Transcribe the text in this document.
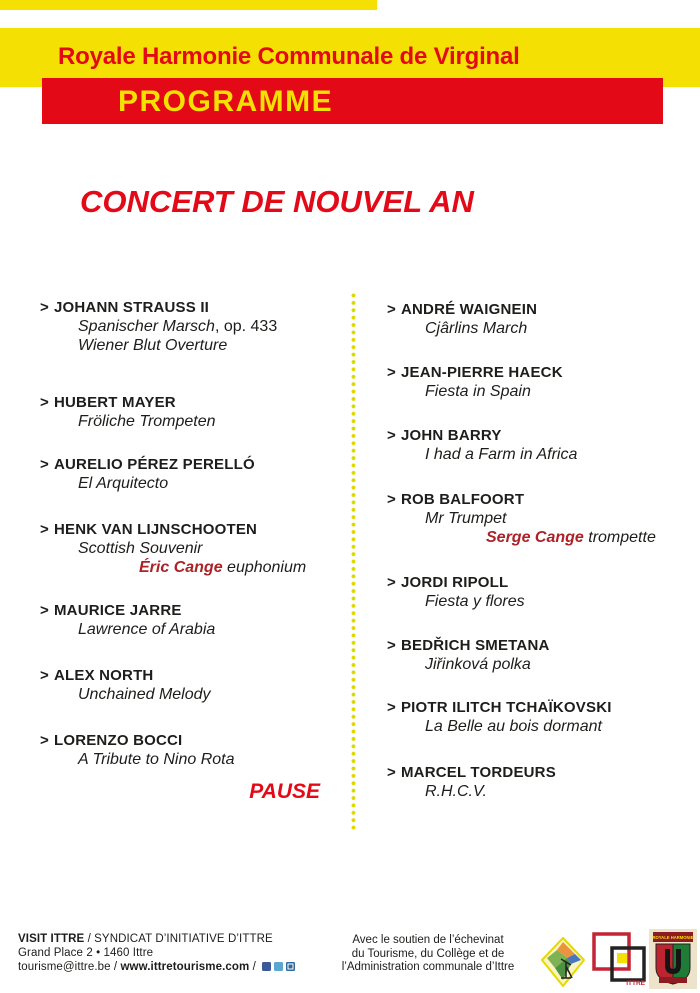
Royale Harmonie Communale de Virginal
PROGRAMME
CONCERT DE NOUVEL AN
> JOHANN STRAUSS II
Spanischer Marsch, op. 433
Wiener Blut Overture
> HUBERT MAYER
Fröliche Trompeten
> AURELIO PÉREZ PERELLÓ
El Arquitecto
> HENK VAN LIJNSCHOOTEN
Scottish Souvenir
Éric Cange euphonium
> MAURICE JARRE
Lawrence of Arabia
> ALEX NORTH
Unchained Melody
> LORENZO BOCCI
A Tribute to Nino Rota
> ANDRÉ WAIGNEIN
Cjârlins March
> JEAN-PIERRE HAECK
Fiesta in Spain
> JOHN BARRY
I had a Farm in Africa
> ROB BALFOORT
Mr Trumpet
Serge Cange trompette
> JORDI RIPOLL
Fiesta y flores
> BEDŘICH SMETANA
Jiřinková polka
> PIOTR ILITCH TCHAÏKOVSKI
La Belle au bois dormant
> MARCEL TORDEURS
R.H.C.V.
PAUSE
VISIT ITTRE / SYNDICAT D’INITIATIVE D’ITTRE
Grand Place 2 • 1460 Ittre
tourisme@ittre.be / www.ittretourisme.com /
Avec le soutien de l’échevinat
du Tourisme, du Collège et de
l’Administration communale d’Ittre
ITTRE
ROYALE HARMONIE
